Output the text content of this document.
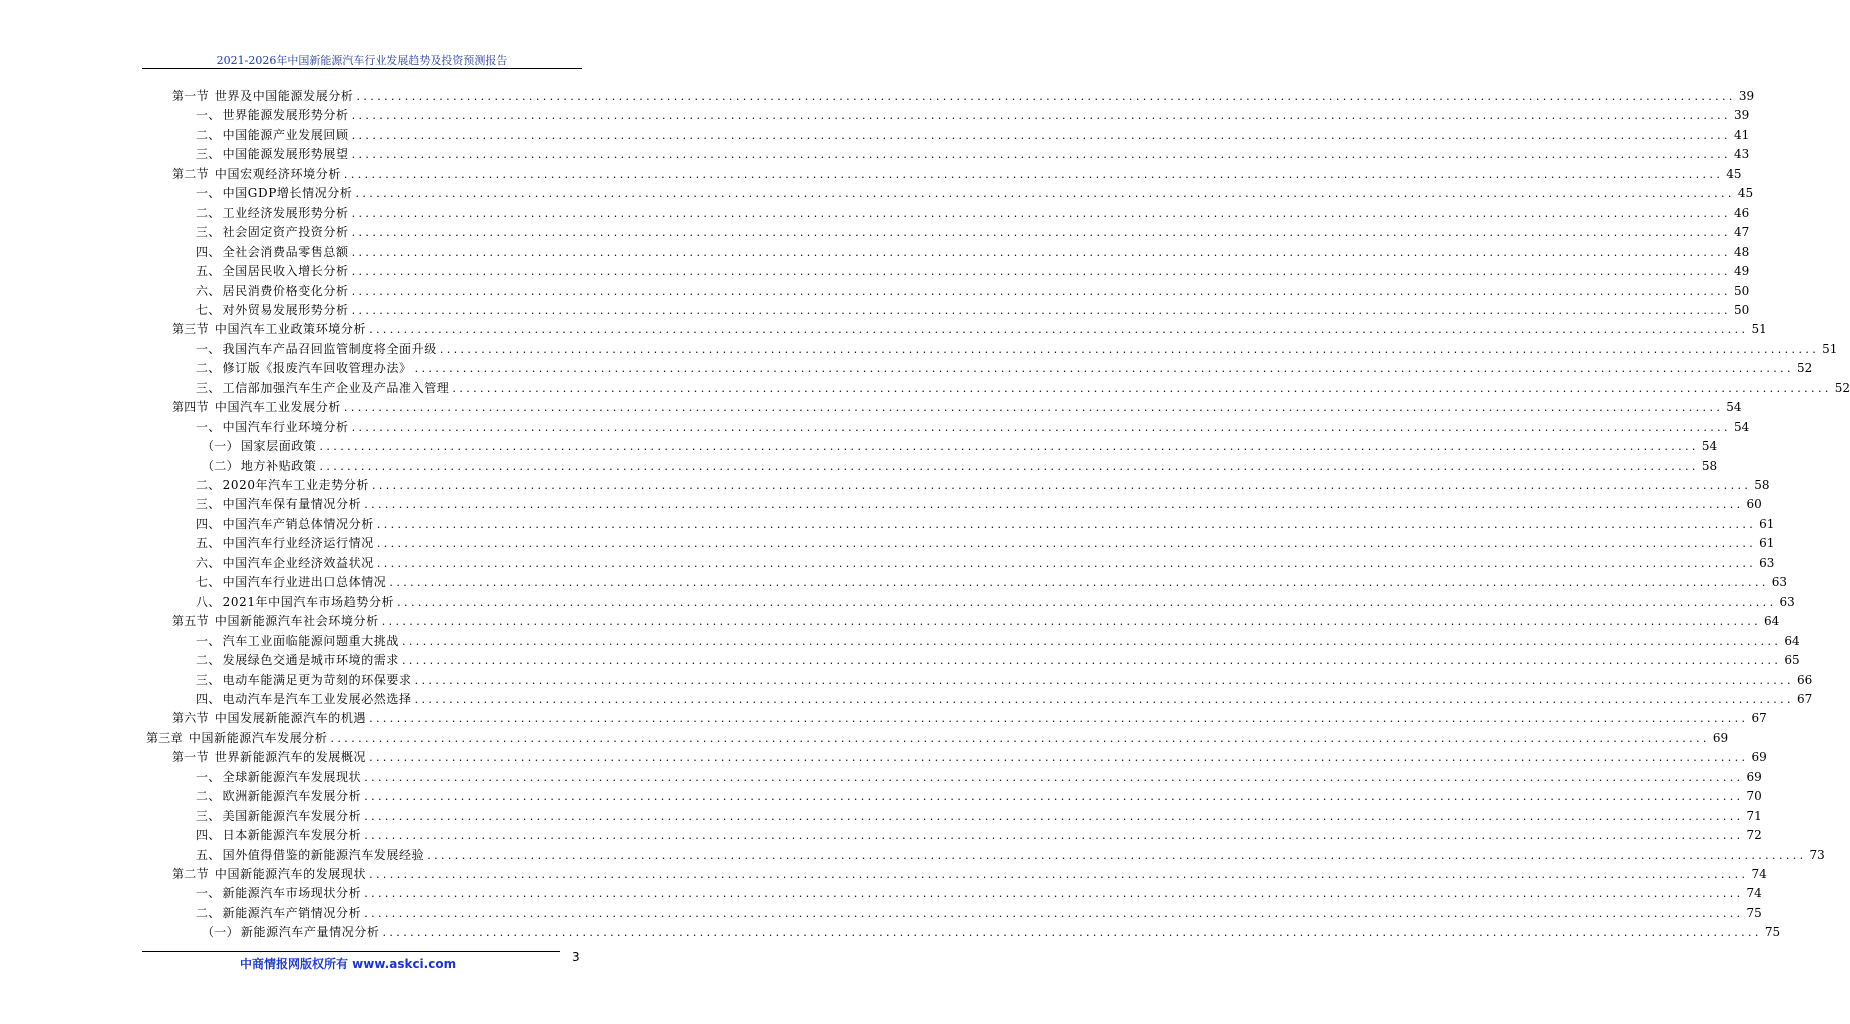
2021-2026年中国新能源汽车行业发展趋势及投资预测报告
第一节 世界及中国能源发展分析 ........................................................................................................................................................................................................ 39
一、 世界能源发展形势分析 ........................................................................................................................................................................................................ 39
二、 中国能源产业发展回顾 ........................................................................................................................................................................................................ 41
三、 中国能源发展形势展望 ........................................................................................................................................................................................................ 43
第二节 中国宏观经济环境分析 ........................................................................................................................................................................................................ 45
一、 中国GDP增长情况分析 ........................................................................................................................................................................................................ 45
二、 工业经济发展形势分析 ........................................................................................................................................................................................................ 46
三、 社会固定资产投资分析 ........................................................................................................................................................................................................ 47
四、 全社会消费品零售总额 ........................................................................................................................................................................................................ 48
五、 全国居民收入增长分析 ........................................................................................................................................................................................................ 49
六、 居民消费价格变化分析 ........................................................................................................................................................................................................ 50
七、 对外贸易发展形势分析 ........................................................................................................................................................................................................ 50
第三节 中国汽车工业政策环境分析 ........................................................................................................................................................................................................ 51
一、 我国汽车产品召回监管制度将全面升级 ........................................................................................................................................................................................................ 51
二、 修订版《报废汽车回收管理办法》 ........................................................................................................................................................................................................ 52
三、 工信部加强汽车生产企业及产品准入管理 ........................................................................................................................................................................................................ 52
第四节 中国汽车工业发展分析 ........................................................................................................................................................................................................ 54
一、 中国汽车行业环境分析 ........................................................................................................................................................................................................ 54
（一） 国家层面政策 ........................................................................................................................................................................................................ 54
（二） 地方补贴政策 ........................................................................................................................................................................................................ 58
二、 2020年汽车工业走势分析 ........................................................................................................................................................................................................ 58
三、 中国汽车保有量情况分析 ........................................................................................................................................................................................................ 60
四、 中国汽车产销总体情况分析 ........................................................................................................................................................................................................ 61
五、 中国汽车行业经济运行情况 ........................................................................................................................................................................................................ 61
六、 中国汽车企业经济效益状况 ........................................................................................................................................................................................................ 63
七、 中国汽车行业进出口总体情况 ........................................................................................................................................................................................................ 63
八、 2021年中国汽车市场趋势分析 ........................................................................................................................................................................................................ 63
第五节 中国新能源汽车社会环境分析 ........................................................................................................................................................................................................ 64
一、 汽车工业面临能源问题重大挑战 ........................................................................................................................................................................................................ 64
二、 发展绿色交通是城市环境的需求 ........................................................................................................................................................................................................ 65
三、 电动车能满足更为苛刻的环保要求 ........................................................................................................................................................................................................ 66
四、 电动汽车是汽车工业发展必然选择 ........................................................................................................................................................................................................ 67
第六节 中国发展新能源汽车的机遇 ........................................................................................................................................................................................................ 67
第三章 中国新能源汽车发展分析 ........................................................................................................................................................................................................ 69
第一节 世界新能源汽车的发展概况 ........................................................................................................................................................................................................ 69
一、 全球新能源汽车发展现状 ........................................................................................................................................................................................................ 69
二、 欧洲新能源汽车发展分析 ........................................................................................................................................................................................................ 70
三、 美国新能源汽车发展分析 ........................................................................................................................................................................................................ 71
四、 日本新能源汽车发展分析 ........................................................................................................................................................................................................ 72
五、 国外值得借鉴的新能源汽车发展经验 ........................................................................................................................................................................................................ 73
第二节 中国新能源汽车的发展现状 ........................................................................................................................................................................................................ 74
一、 新能源汽车市场现状分析 ........................................................................................................................................................................................................ 74
二、 新能源汽车产销情况分析 ........................................................................................................................................................................................................ 75
（一） 新能源汽车产量情况分析 ........................................................................................................................................................................................................ 75
中商情报网版权所有 www.askci.com	3
